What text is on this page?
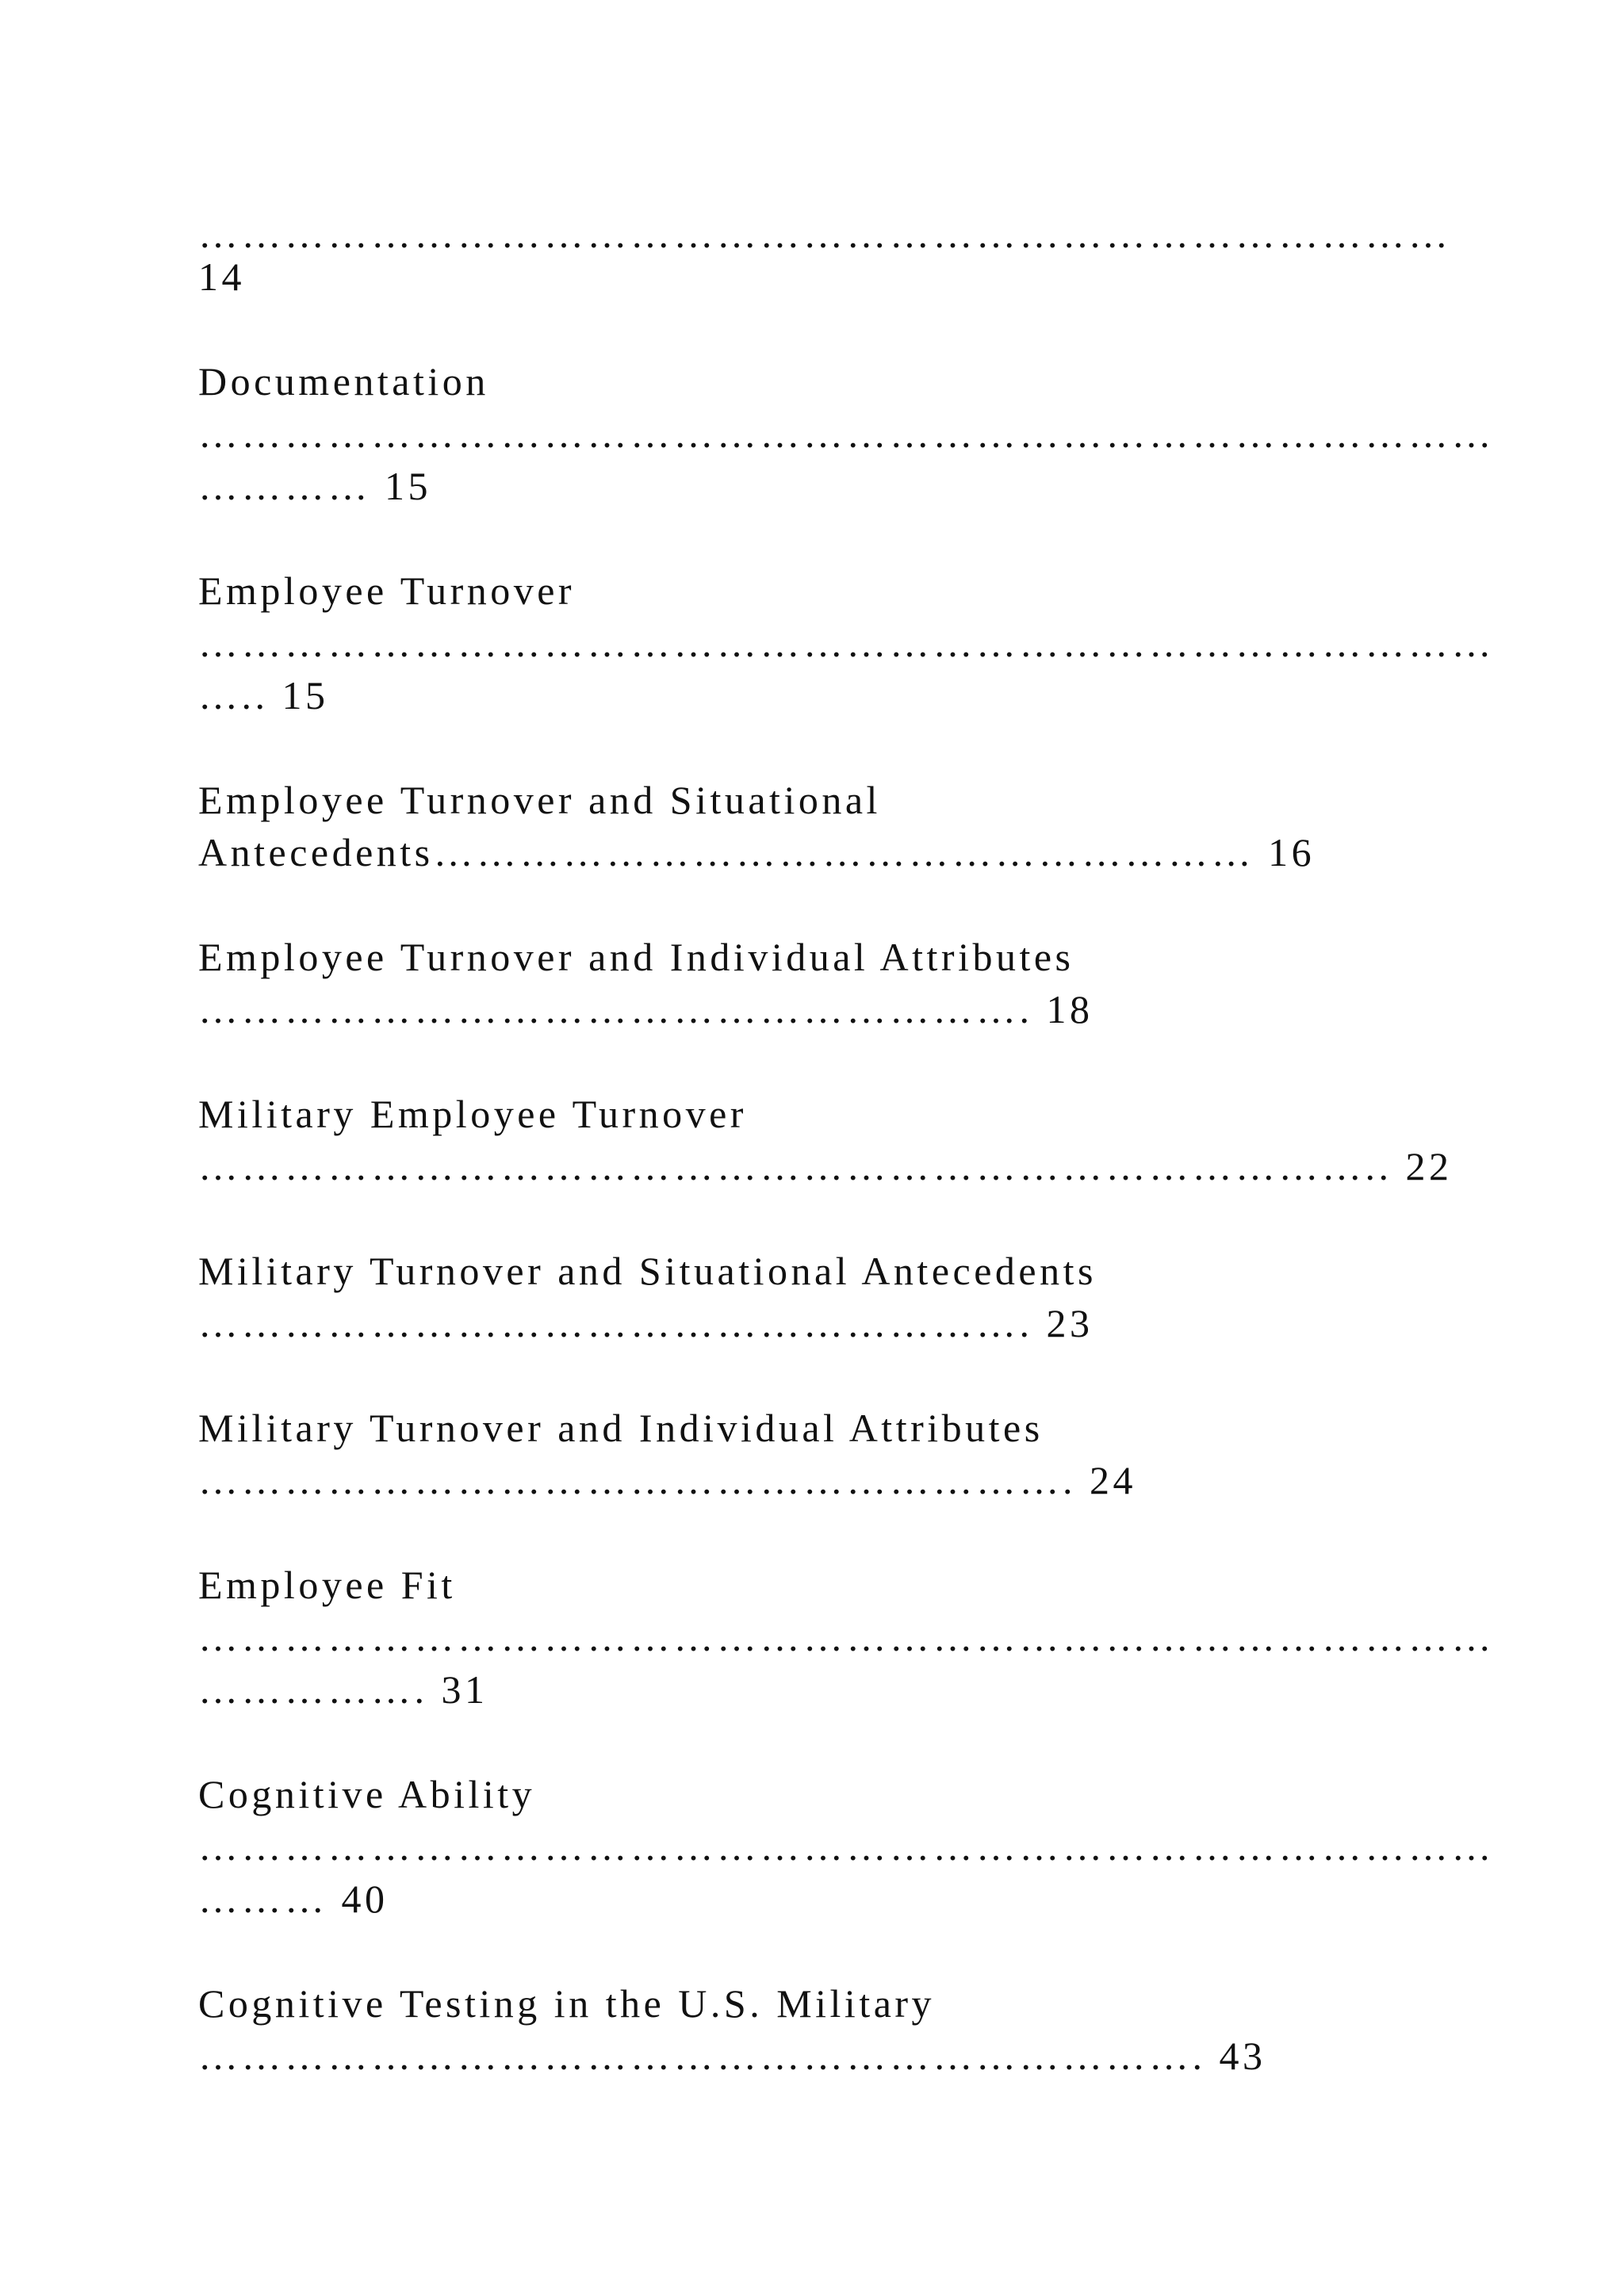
……………………………………………………………………………
14
Documentation
………………………………………………………………………………
………… 15
Employee Turnover
………………………………………………………………………………
….. 15
Employee Turnover and Situational
Antecedents………………………………………………… 16
Employee Turnover and Individual Attributes
…………………………………………………. 18
Military Employee Turnover
……………………………………………………………………….. 22
Military Turnover and Situational Antecedents
…………………………………………………. 23
Military Turnover and Individual Attributes
……………………………………………………. 24
Employee Fit
………………………………………………………………………………
……………. 31
Cognitive Ability
………………………………………………………………………………
……… 40
Cognitive Testing in the U.S. Military
……………………………………………………………. 43
